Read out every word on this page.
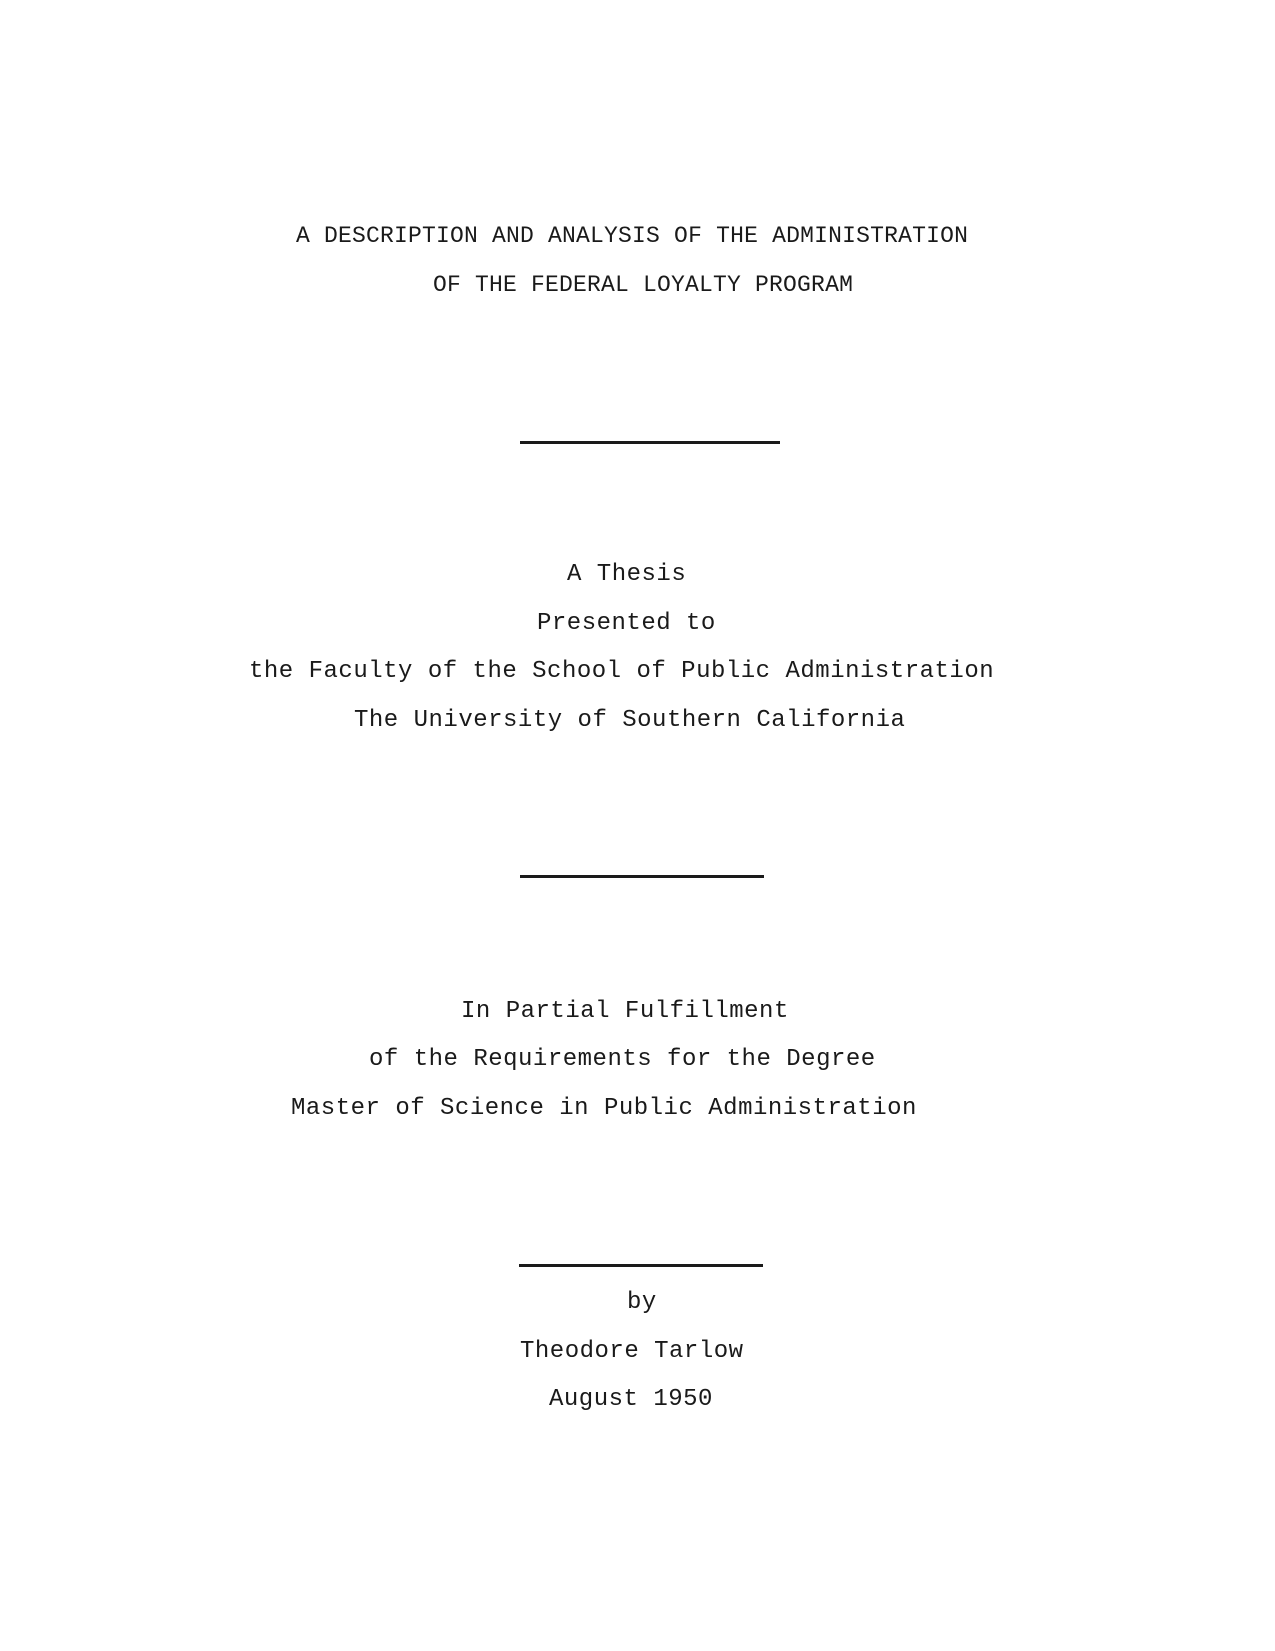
A DESCRIPTION AND ANALYSIS OF THE ADMINISTRATION
OF THE FEDERAL LOYALTY PROGRAM
A Thesis
Presented to
the Faculty of the School of Public Administration
The University of Southern California
In Partial Fulfillment
of the Requirements for the Degree
Master of Science in Public Administration
by
Theodore Tarlow
August 1950
